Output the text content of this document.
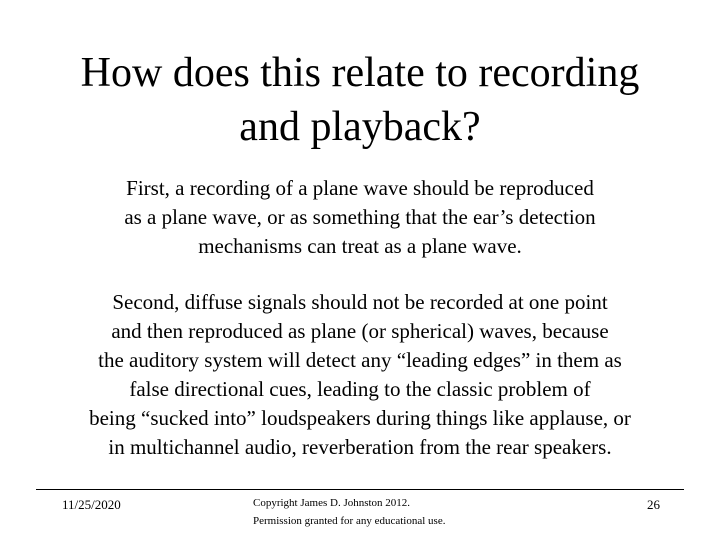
How does this relate to recording
and playback?
First, a recording of a plane wave should be reproduced
as a plane wave, or as something that the ear’s detection
mechanisms can treat as a plane wave.
Second, diffuse signals should not be recorded at one point
and then reproduced as plane (or spherical) waves, because
the auditory system will detect any “leading edges” in them as
false directional cues, leading to the classic problem of
being “sucked into” loudspeakers during things like applause, or
in multichannel audio, reverberation from the rear speakers.
11/25/2020	Copyright James D. Johnston 2012.
Permission granted for any educational use.
26
